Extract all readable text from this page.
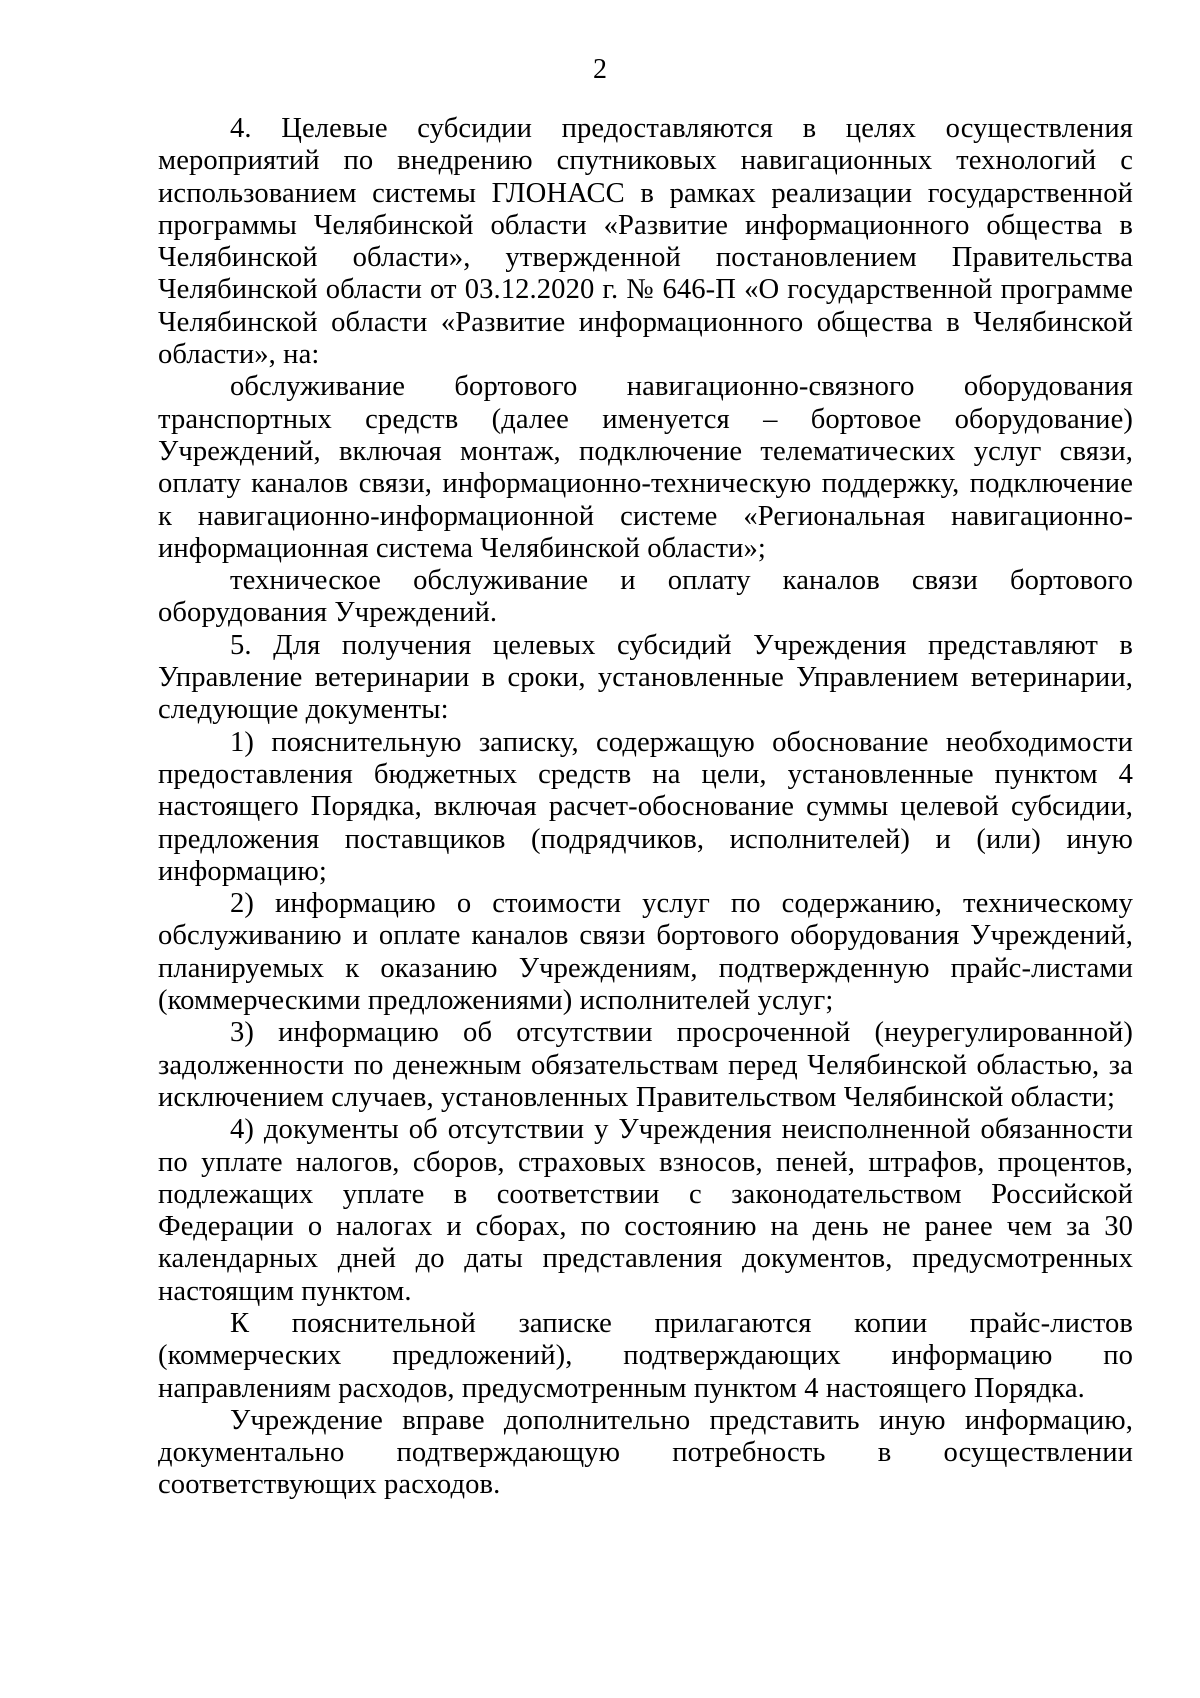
2

4. Целевые субсидии предоставляются в целях осуществления мероприятий по внедрению спутниковых навигационных технологий с использованием системы ГЛОНАСС в рамках реализации государственной программы Челябинской области «Развитие информационного общества в Челябинской области», утвержденной постановлением Правительства Челябинской области от 03.12.2020 г. № 646-П «О государственной программе Челябинской области «Развитие информационного общества в Челябинской области», на:

обслуживание бортового навигационно-связного оборудования транспортных средств (далее именуется – бортовое оборудование) Учреждений, включая монтаж, подключение телематических услуг связи, оплату каналов связи, информационно-техническую поддержку, подключение к навигационно-информационной системе «Региональная навигационно-информационная система Челябинской области»;

техническое обслуживание и оплату каналов связи бортового оборудования Учреждений.

5. Для получения целевых субсидий Учреждения представляют в Управление ветеринарии в сроки, установленные Управлением ветеринарии, следующие документы:

1) пояснительную записку, содержащую обоснование необходимости предоставления бюджетных средств на цели, установленные пунктом 4 настоящего Порядка, включая расчет-обоснование суммы целевой субсидии, предложения поставщиков (подрядчиков, исполнителей) и (или) иную информацию;

2) информацию о стоимости услуг по содержанию, техническому обслуживанию и оплате каналов связи бортового оборудования Учреждений, планируемых к оказанию Учреждениям, подтвержденную прайс-листами (коммерческими предложениями) исполнителей услуг;

3) информацию об отсутствии просроченной (неурегулированной) задолженности по денежным обязательствам перед Челябинской областью, за исключением случаев, установленных Правительством Челябинской области;

4) документы об отсутствии у Учреждения неисполненной обязанности по уплате налогов, сборов, страховых взносов, пеней, штрафов, процентов, подлежащих уплате в соответствии с законодательством Российской Федерации о налогах и сборах, по состоянию на день не ранее чем за 30 календарных дней до даты представления документов, предусмотренных настоящим пунктом.

К пояснительной записке прилагаются копии прайс-листов (коммерческих предложений), подтверждающих информацию по направлениям расходов, предусмотренным пунктом 4 настоящего Порядка.

Учреждение вправе дополнительно представить иную информацию, документально подтверждающую потребность в осуществлении соответствующих расходов.
